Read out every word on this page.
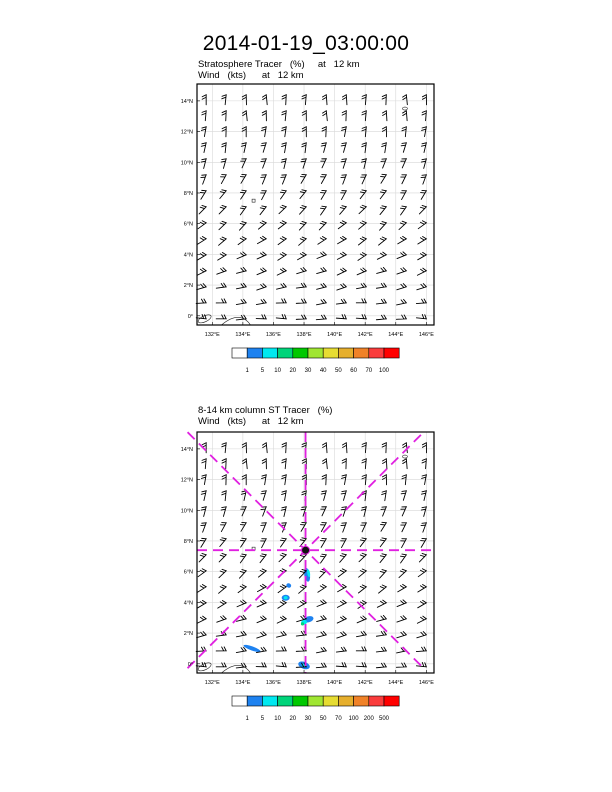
2014-01-19_03:00:00
Stratosphere Tracer   (%)     at   12 km
Wind   (kts)      at   12 km
0°
2°N
4°N
6°N
8°N
10°N
12°N
14°N
132°E	134°E	136°E	138°E	140°E	142°E	144°E	146°E
1 5 10 20 30 40 50 60 70 100
8-14 km column ST Tracer   (%)
Wind   (kts)      at   12 km
0°
2°N
4°N
6°N
8°N
10°N
12°N
14°N
132°E	134°E	136°E	138°E	140°E	142°E	144°E	146°E
1 5 10 20 30 50 70 100 200 500
